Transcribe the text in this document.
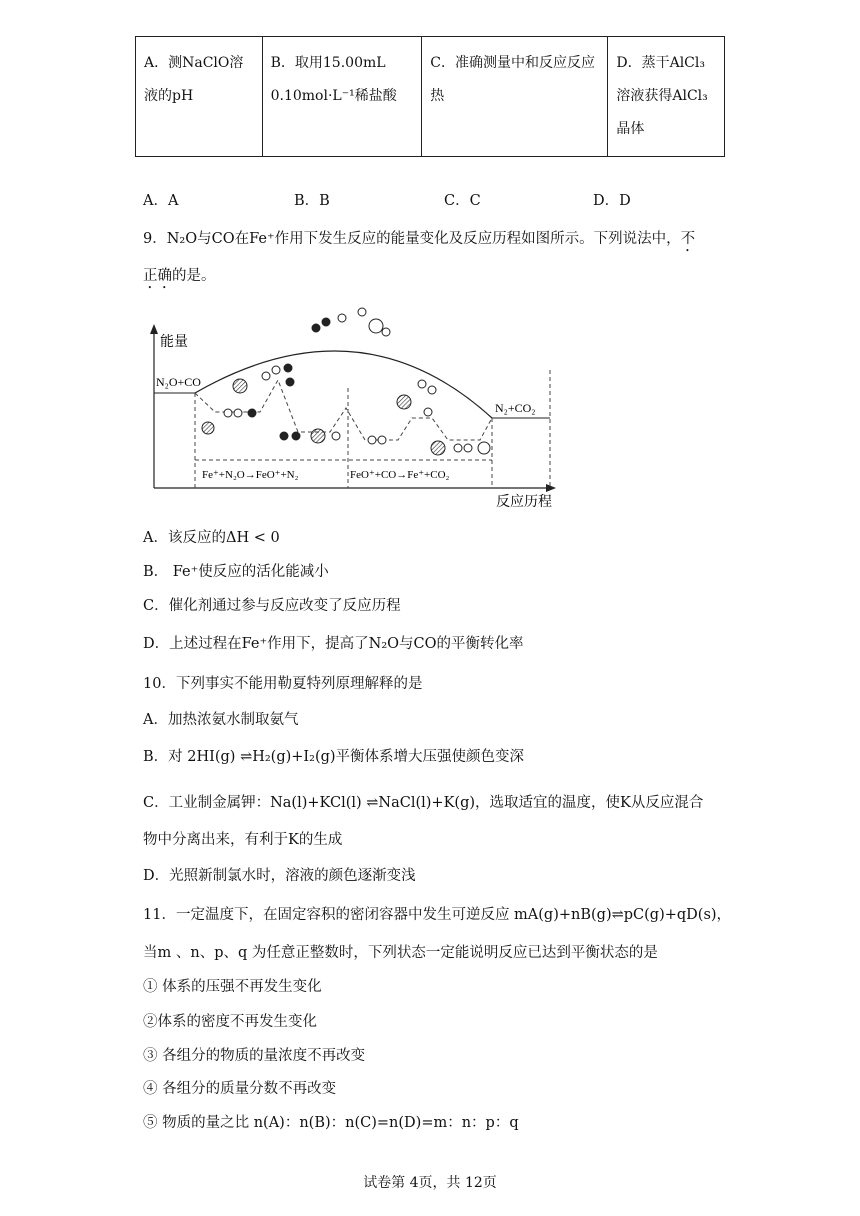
A．测NaClO溶液的pH	B．取用15.00mL 0.10mol·L⁻¹稀盐酸	C．准确测量中和反应反应热	D．蒸干AlCl₃溶液获得AlCl₃晶体
A．A	B．B	C．C	D．D
9．N₂O与CO在Fe⁺作用下发生反应的能量变化及反应历程如图所示。下列说法中，不
正确的是。
能量
反应历程
N₂O+CO
N₂+CO₂
Fe⁺+N₂O→FeO⁺+N₂	FeO⁺+CO→Fe⁺+CO₂
A．该反应的ΔH < 0
B． Fe⁺使反应的活化能减小
C．催化剂通过参与反应改变了反应历程
D．上述过程在Fe⁺作用下，提高了N₂O与CO的平衡转化率
10．下列事实不能用勒夏特列原理解释的是
A．加热浓氨水制取氨气
B．对 2HI(g) ⇌H₂(g)+I₂(g)平衡体系增大压强使颜色变深
C．工业制金属钾：Na(l)+KCl(l) ⇌NaCl(l)+K(g)，选取适宜的温度，使K从反应混合
物中分离出来，有利于K的生成
D．光照新制氯水时，溶液的颜色逐渐变浅
11．一定温度下，在固定容积的密闭容器中发生可逆反应 mA(g)+nB(g)⇌pC(g)+qD(s)，
当m 、n、p、q 为任意正整数时，下列状态一定能说明反应已达到平衡状态的是
① 体系的压强不再发生变化
②体系的密度不再发生变化
③ 各组分的物质的量浓度不再改变
④ 各组分的质量分数不再改变
⑤ 物质的量之比 n(A)：n(B)：n(C)=n(D)=m：n：p：q
试卷第 4页，共 12页
